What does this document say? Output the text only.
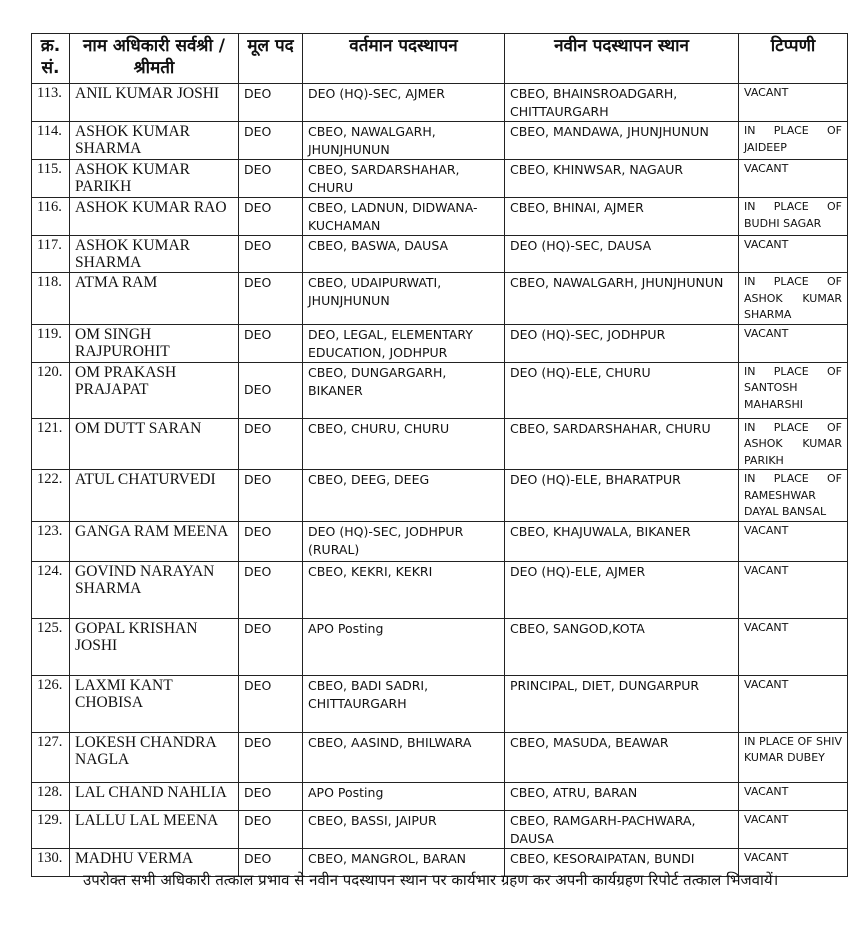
क्र. सं.	नाम अधिकारी सर्वश्री / श्रीमती	मूल पद	वर्तमान पदस्थापन	नवीन पदस्थापन स्थान	टिप्पणी
113.	ANIL KUMAR JOSHI	DEO	DEO (HQ)-SEC, AJMER	CBEO, BHAINSROADGARH, CHITTAURGARH	VACANT
114.	ASHOK KUMAR SHARMA	DEO	CBEO, NAWALGARH, JHUNJHUNUN	CBEO, MANDAWA, JHUNJHUNUN	IN PLACE OF JAIDEEP
115.	ASHOK KUMAR PARIKH	DEO	CBEO, SARDARSHAHAR, CHURU	CBEO, KHINWSAR, NAGAUR	VACANT
116.	ASHOK KUMAR RAO	DEO	CBEO, LADNUN, DIDWANA-KUCHAMAN	CBEO, BHINAI, AJMER	IN PLACE OF BUDHI SAGAR
117.	ASHOK KUMAR SHARMA	DEO	CBEO, BASWA, DAUSA	DEO (HQ)-SEC, DAUSA	VACANT
118.	ATMA RAM	DEO	CBEO, UDAIPURWATI, JHUNJHUNUN	CBEO, NAWALGARH, JHUNJHUNUN	IN PLACE OF ASHOK KUMAR SHARMA
119.	OM SINGH RAJPUROHIT	DEO	DEO, LEGAL, ELEMENTARY EDUCATION, JODHPUR	DEO (HQ)-SEC, JODHPUR	VACANT
120.	OM PRAKASH PRAJAPAT	DEO	CBEO, DUNGARGARH, BIKANER	DEO (HQ)-ELE, CHURU	IN PLACE OF SANTOSH MAHARSHI
121.	OM DUTT SARAN	DEO	CBEO, CHURU, CHURU	CBEO, SARDARSHAHAR, CHURU	IN PLACE OF ASHOK KUMAR PARIKH
122.	ATUL CHATURVEDI	DEO	CBEO, DEEG, DEEG	DEO (HQ)-ELE, BHARATPUR	IN PLACE OF RAMESHWAR DAYAL BANSAL
123.	GANGA RAM MEENA	DEO	DEO (HQ)-SEC, JODHPUR (RURAL)	CBEO, KHAJUWALA, BIKANER	VACANT
124.	GOVIND NARAYAN SHARMA	DEO	CBEO, KEKRI, KEKRI	DEO (HQ)-ELE, AJMER	VACANT
125.	GOPAL KRISHAN JOSHI	DEO	APO Posting	CBEO, SANGOD,KOTA	VACANT
126.	LAXMI KANT CHOBISA	DEO	CBEO, BADI SADRI, CHITTAURGARH	PRINCIPAL, DIET, DUNGARPUR	VACANT
127.	LOKESH CHANDRA NAGLA	DEO	CBEO, AASIND, BHILWARA	CBEO, MASUDA, BEAWAR	IN PLACE OF SHIV KUMAR DUBEY
128.	LAL CHAND NAHLIA	DEO	APO Posting	CBEO, ATRU, BARAN	VACANT
129.	LALLU LAL MEENA	DEO	CBEO, BASSI, JAIPUR	CBEO, RAMGARH-PACHWARA, DAUSA	VACANT
130.	MADHU VERMA	DEO	CBEO, MANGROL, BARAN	CBEO, KESORAIPATAN, BUNDI	VACANT
उपरोक्त सभी अधिकारी तत्काल प्रभाव से नवीन पदस्थापन स्थान पर कार्यभार ग्रहण कर अपनी कार्यग्रहण रिपोर्ट तत्काल भिजवायें।
